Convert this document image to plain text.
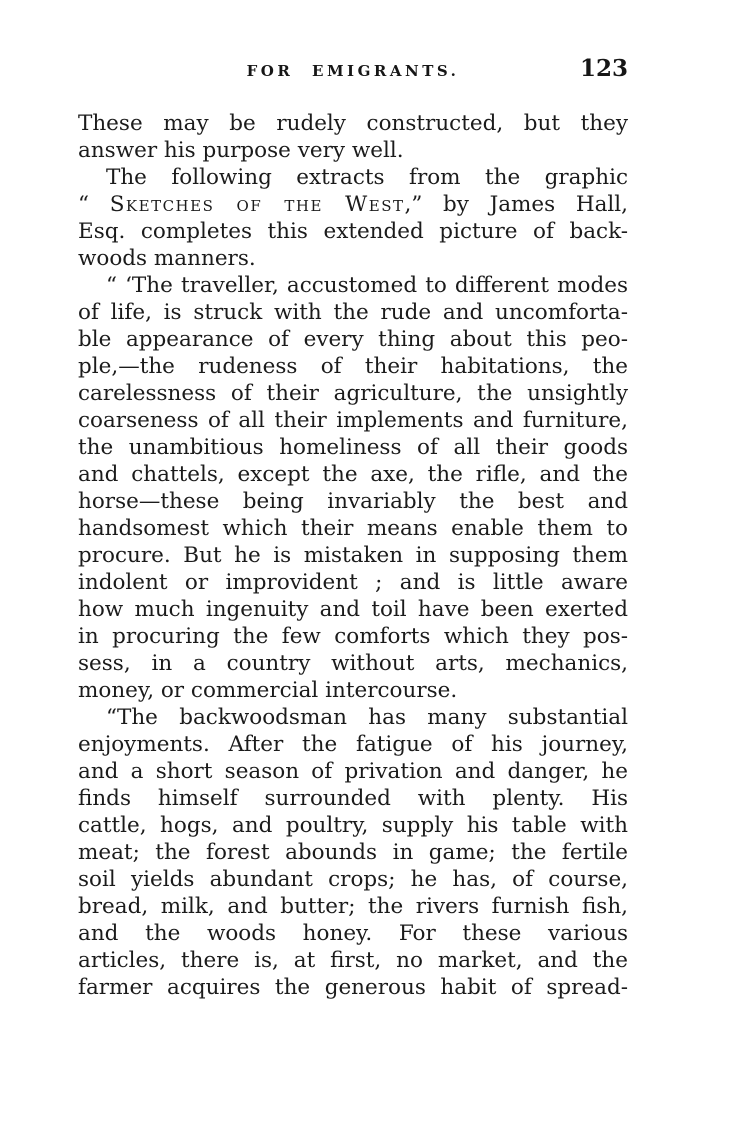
FOR EMIGRANTS.	123
These may be rudely constructed, but they
answer his purpose very well.
The following extracts from the graphic
“ Sketches of the West,” by James Hall,
Esq. completes this extended picture of back-
woods manners.
“ ‘The traveller, accustomed to different modes
of life, is struck with the rude and uncomforta-
ble appearance of every thing about this peo-
ple,—the rudeness of their habitations, the
carelessness of their agriculture, the unsightly
coarseness of all their implements and furniture,
the unambitious homeliness of all their goods
and chattels, except the axe, the rifle, and the
horse—these being invariably the best and
handsomest which their means enable them to
procure. But he is mistaken in supposing them
indolent or improvident ; and is little aware
how much ingenuity and toil have been exerted
in procuring the few comforts which they pos-
sess, in a country without arts, mechanics,
money, or commercial intercourse.
“The backwoodsman has many substantial
enjoyments. After the fatigue of his journey,
and a short season of privation and danger, he
finds himself surrounded with plenty. His
cattle, hogs, and poultry, supply his table with
meat; the forest abounds in game; the fertile
soil yields abundant crops; he has, of course,
bread, milk, and butter; the rivers furnish fish,
and the woods honey. For these various
articles, there is, at first, no market, and the
farmer acquires the generous habit of spread-
